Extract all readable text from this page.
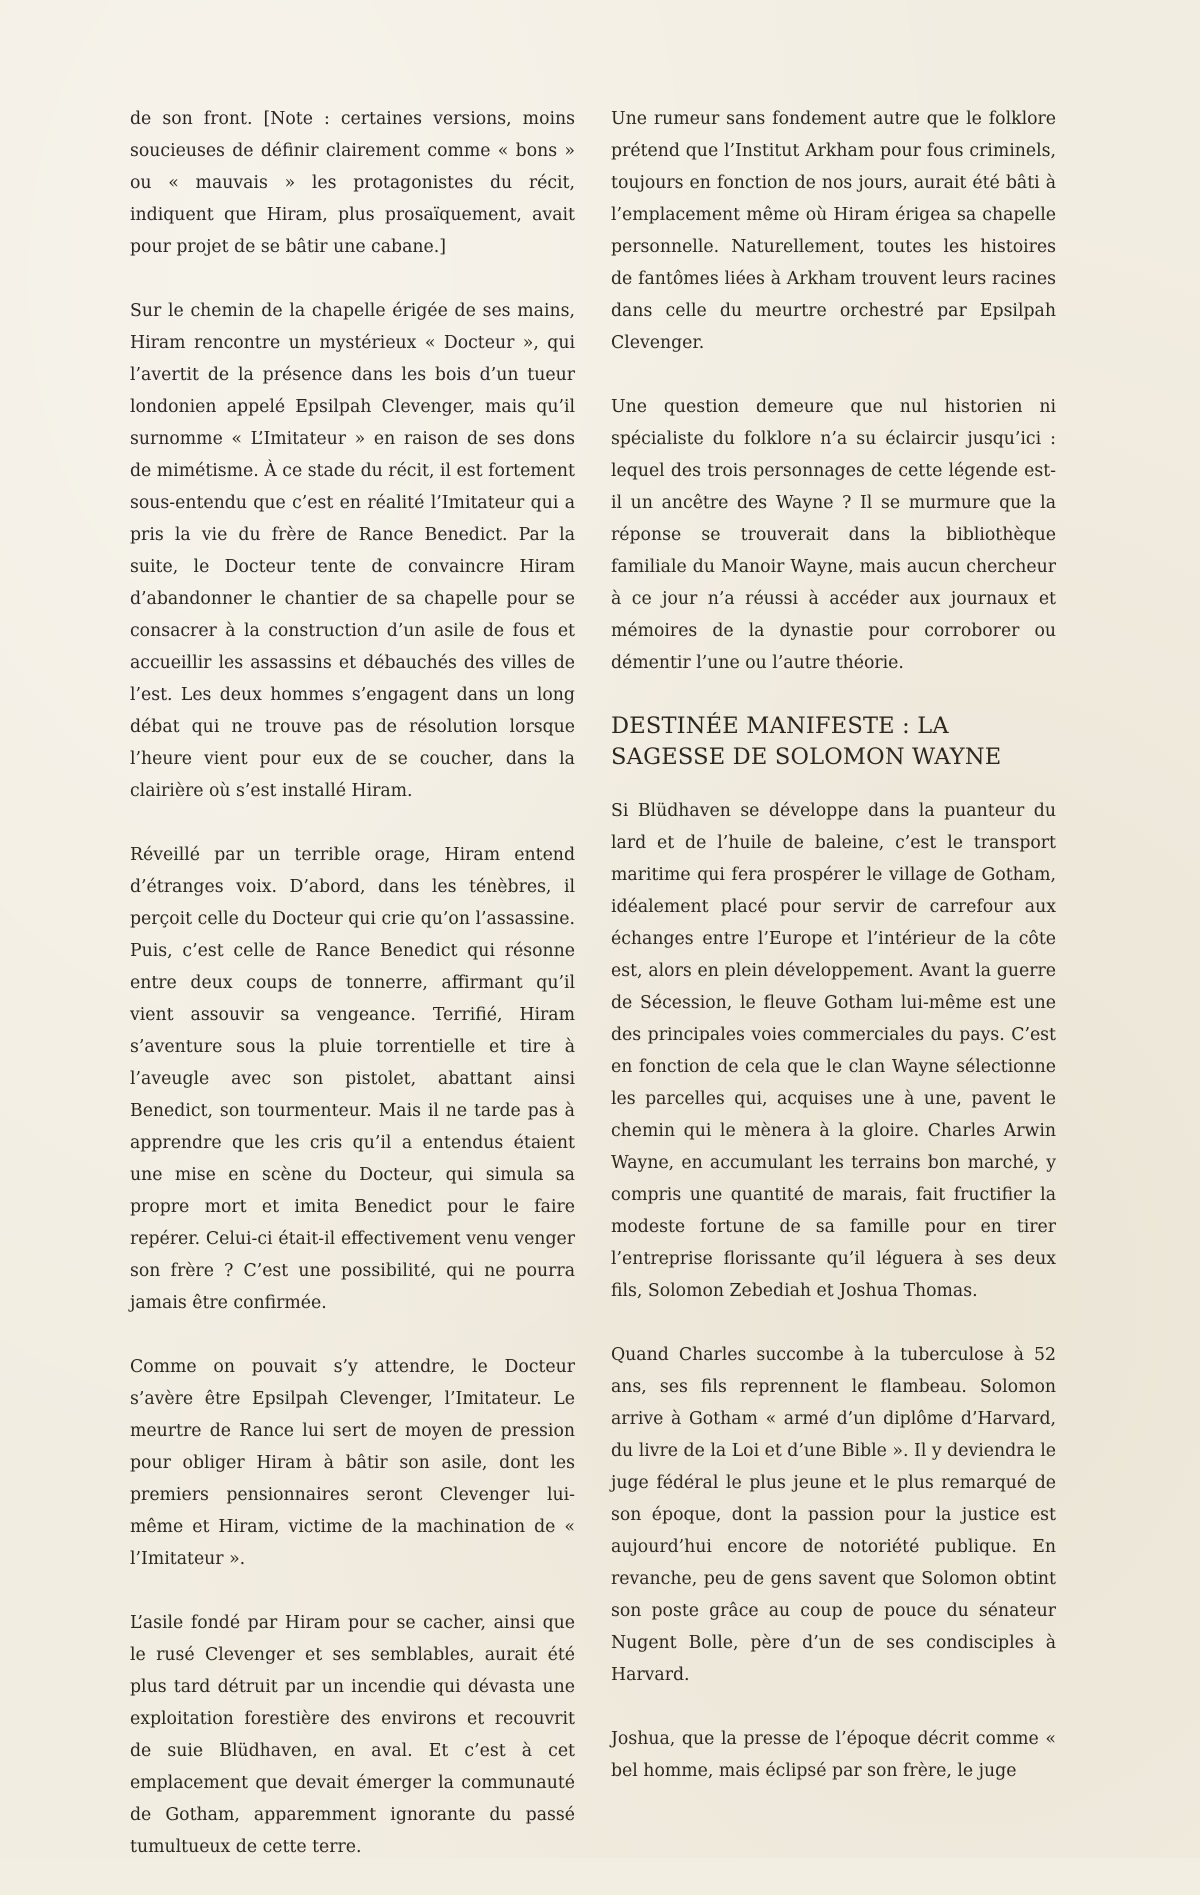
de son front. [Note : certaines versions, moins soucieuses de définir clairement comme « bons » ou « mauvais » les protagonistes du récit, indiquent que Hiram, plus prosaïquement, avait pour projet de se bâtir une cabane.]

Sur le chemin de la chapelle érigée de ses mains, Hiram rencontre un mystérieux « Docteur », qui l’avertit de la présence dans les bois d’un tueur londonien appelé Epsilpah Clevenger, mais qu’il surnomme « L’Imitateur » en raison de ses dons de mimétisme. À ce stade du récit, il est fortement sous-entendu que c’est en réalité l’Imitateur qui a pris la vie du frère de Rance Benedict. Par la suite, le Docteur tente de convaincre Hiram d’abandonner le chantier de sa chapelle pour se consacrer à la construction d’un asile de fous et accueillir les assassins et débauchés des villes de l’est. Les deux hommes s’engagent dans un long débat qui ne trouve pas de résolution lorsque l’heure vient pour eux de se coucher, dans la clairière où s’est installé Hiram.

Réveillé par un terrible orage, Hiram entend d’étranges voix. D’abord, dans les ténèbres, il perçoit celle du Docteur qui crie qu’on l’assassine. Puis, c’est celle de Rance Benedict qui résonne entre deux coups de tonnerre, affirmant qu’il vient assouvir sa vengeance. Terrifié, Hiram s’aventure sous la pluie torrentielle et tire à l’aveugle avec son pistolet, abattant ainsi Benedict, son tourmenteur. Mais il ne tarde pas à apprendre que les cris qu’il a entendus étaient une mise en scène du Docteur, qui simula sa propre mort et imita Benedict pour le faire repérer. Celui-ci était-il effectivement venu venger son frère ? C’est une possibilité, qui ne pourra jamais être confirmée.

Comme on pouvait s’y attendre, le Docteur s’avère être Epsilpah Clevenger, l’Imitateur. Le meurtre de Rance lui sert de moyen de pression pour obliger Hiram à bâtir son asile, dont les premiers pensionnaires seront Clevenger lui-même et Hiram, victime de la machination de « l’Imitateur ».

L’asile fondé par Hiram pour se cacher, ainsi que le rusé Clevenger et ses semblables, aurait été plus tard détruit par un incendie qui dévasta une exploitation forestière des environs et recouvrit de suie Blüdhaven, en aval. Et c’est à cet emplacement que devait émerger la communauté de Gotham, apparemment ignorante du passé tumultueux de cette terre.

Une rumeur sans fondement autre que le folklore prétend que l’Institut Arkham pour fous criminels, toujours en fonction de nos jours, aurait été bâti à l’emplacement même où Hiram érigea sa chapelle personnelle. Naturellement, toutes les histoires de fantômes liées à Arkham trouvent leurs racines dans celle du meurtre orchestré par Epsilpah Clevenger.

Une question demeure que nul historien ni spécialiste du folklore n’a su éclaircir jusqu’ici : lequel des trois personnages de cette légende est-il un ancêtre des Wayne ? Il se murmure que la réponse se trouverait dans la bibliothèque familiale du Manoir Wayne, mais aucun chercheur à ce jour n’a réussi à accéder aux journaux et mémoires de la dynastie pour corroborer ou démentir l’une ou l’autre théorie.

DESTINÉE MANIFESTE : LA SAGESSE DE SOLOMON WAYNE

Si Blüdhaven se développe dans la puanteur du lard et de l’huile de baleine, c’est le transport maritime qui fera prospérer le village de Gotham, idéalement placé pour servir de carrefour aux échanges entre l’Europe et l’intérieur de la côte est, alors en plein développement. Avant la guerre de Sécession, le fleuve Gotham lui-même est une des principales voies commerciales du pays. C’est en fonction de cela que le clan Wayne sélectionne les parcelles qui, acquises une à une, pavent le chemin qui le mènera à la gloire. Charles Arwin Wayne, en accumulant les terrains bon marché, y compris une quantité de marais, fait fructifier la modeste fortune de sa famille pour en tirer l’entreprise florissante qu’il léguera à ses deux fils, Solomon Zebediah et Joshua Thomas.

Quand Charles succombe à la tuberculose à 52 ans, ses fils reprennent le flambeau. Solomon arrive à Gotham « armé d’un diplôme d’Harvard, du livre de la Loi et d’une Bible ». Il y deviendra le juge fédéral le plus jeune et le plus remarqué de son époque, dont la passion pour la justice est aujourd’hui encore de notoriété publique. En revanche, peu de gens savent que Solomon obtint son poste grâce au coup de pouce du sénateur Nugent Bolle, père d’un de ses condisciples à Harvard.

Joshua, que la presse de l’époque décrit comme « bel homme, mais éclipsé par son frère, le juge
